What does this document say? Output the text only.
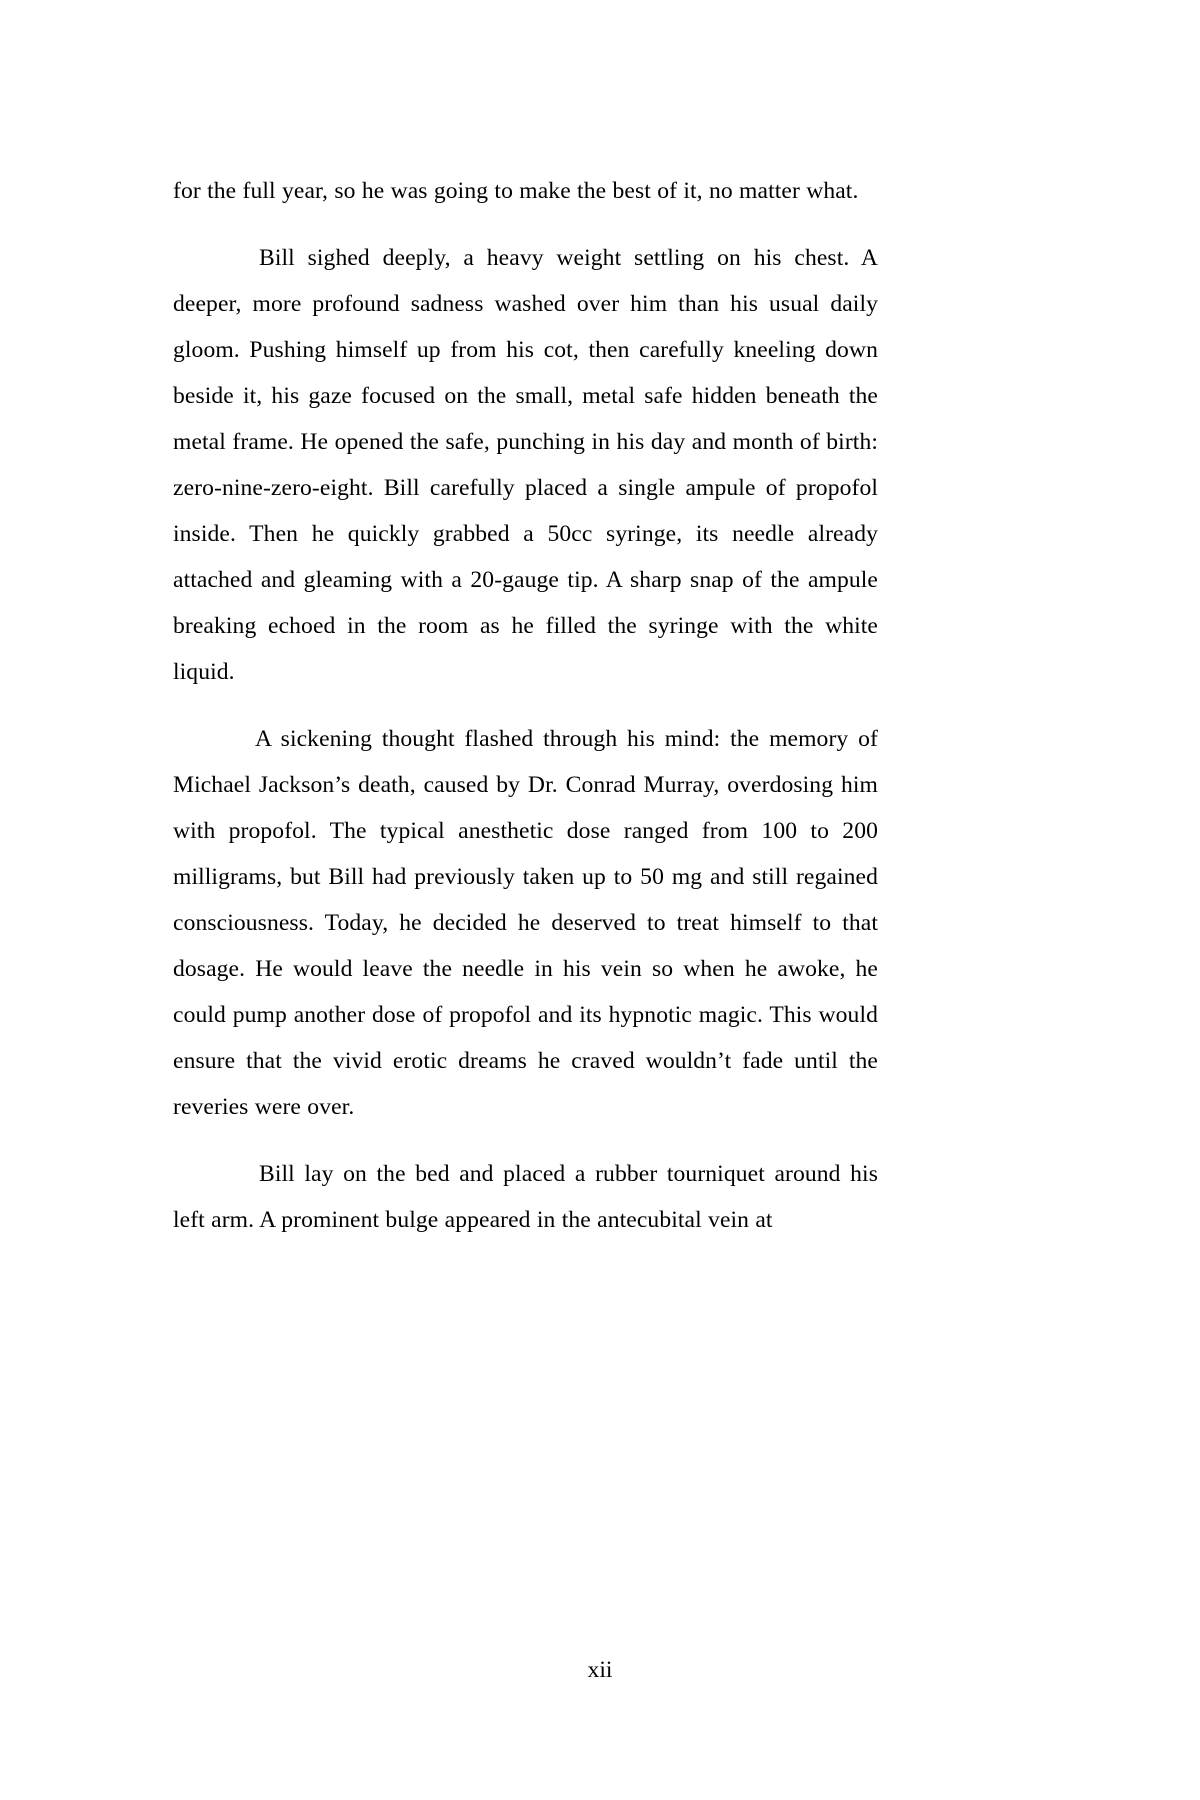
for the full year, so he was going to make the best of it, no matter what.

Bill sighed deeply, a heavy weight settling on his chest. A deeper, more profound sadness washed over him than his usual daily gloom. Pushing himself up from his cot, then carefully kneeling down beside it, his gaze focused on the small, metal safe hidden beneath the metal frame. He opened the safe, punching in his day and month of birth: zero-nine-zero-eight. Bill carefully placed a single ampule of propofol inside. Then he quickly grabbed a 50cc syringe, its needle already attached and gleaming with a 20-gauge tip. A sharp snap of the ampule breaking echoed in the room as he filled the syringe with the white liquid.

A sickening thought flashed through his mind: the memory of Michael Jackson’s death, caused by Dr. Conrad Murray, overdosing him with propofol. The typical anesthetic dose ranged from 100 to 200 milligrams, but Bill had previously taken up to 50 mg and still regained consciousness. Today, he decided he deserved to treat himself to that dosage. He would leave the needle in his vein so when he awoke, he could pump another dose of propofol and its hypnotic magic. This would ensure that the vivid erotic dreams he craved wouldn’t fade until the reveries were over.

Bill lay on the bed and placed a rubber tourniquet around his left arm. A prominent bulge appeared in the antecubital vein at

xii
